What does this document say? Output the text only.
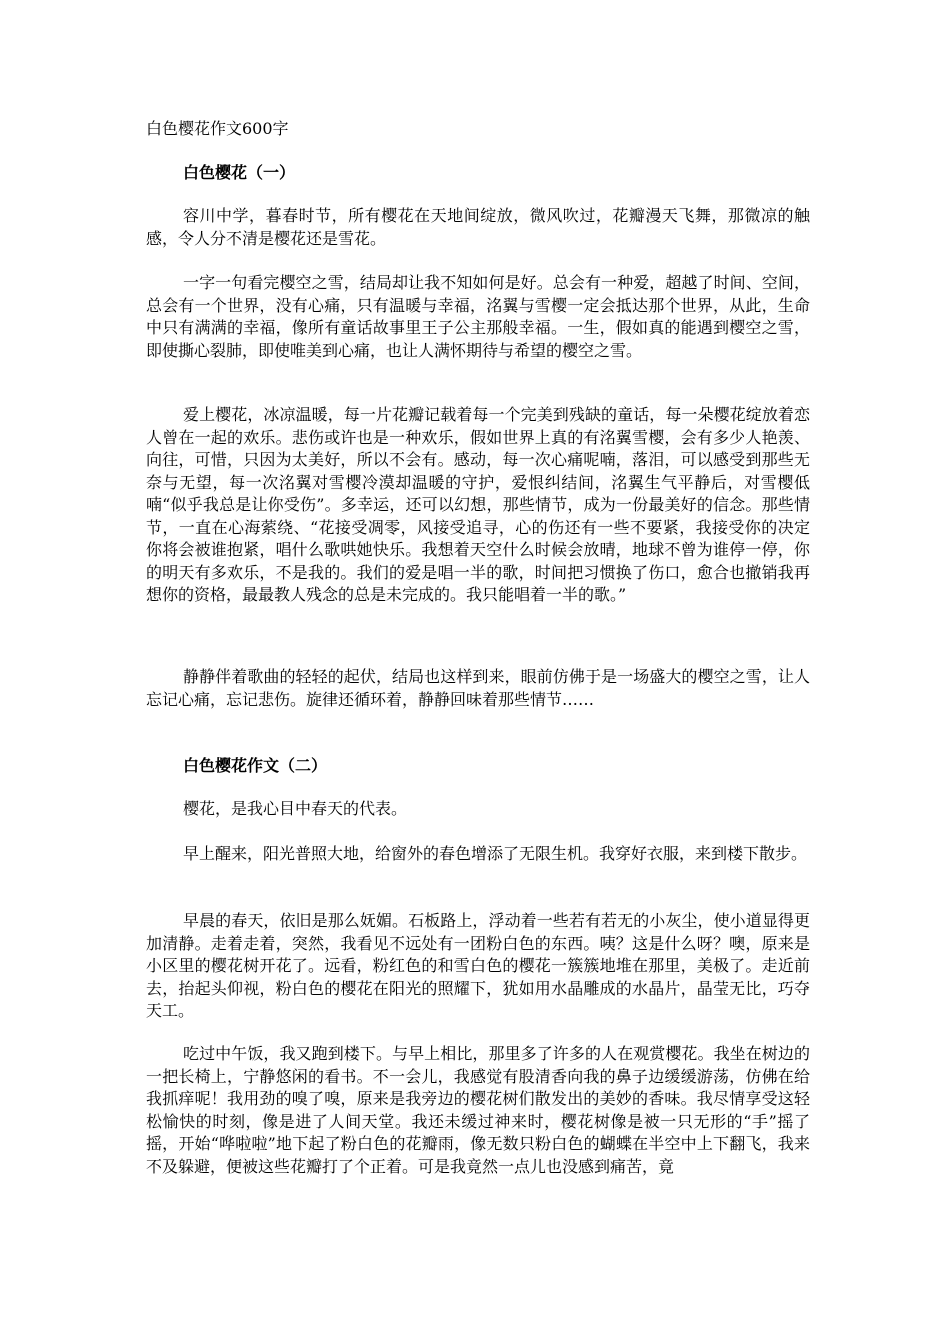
白色樱花作文600字
白色樱花（一）

容川中学，暮春时节，所有樱花在天地间绽放，微风吹过，花瓣漫天飞舞，那微凉的触感，令人分不清是樱花还是雪花。

一字一句看完樱空之雪，结局却让我不知如何是好。总会有一种爱，超越了时间、空间，总会有一个世界，没有心痛，只有温暖与幸福，洺翼与雪樱一定会抵达那个世界，从此，生命中只有满满的幸福，像所有童话故事里王子公主那般幸福。一生，假如真的能遇到樱空之雪，即使撕心裂肺，即使唯美到心痛，也让人满怀期待与希望的樱空之雪。

爱上樱花，冰凉温暖，每一片花瓣记载着每一个完美到残缺的童话，每一朵樱花绽放着恋人曾在一起的欢乐。悲伤或许也是一种欢乐，假如世界上真的有洺翼雪樱，会有多少人艳羡、向往，可惜，只因为太美好，所以不会有。感动，每一次心痛呢喃，落泪，可以感受到那些无奈与无望，每一次洺翼对雪樱冷漠却温暖的守护，爱恨纠结间，洺翼生气平静后，对雪樱低喃“似乎我总是让你受伤”。多幸运，还可以幻想，那些情节，成为一份最美好的信念。那些情节，一直在心海萦绕、“花接受凋零，风接受追寻，心的伤还有一些不要紧，我接受你的决定你将会被谁抱紧，唱什么歌哄她快乐。我想着天空什么时候会放晴，地球不曾为谁停一停，你的明天有多欢乐，不是我的。我们的爱是唱一半的歌，时间把习惯换了伤口，愈合也撤销我再想你的资格，最最教人残念的总是未完成的。我只能唱着一半的歌。”

静静伴着歌曲的轻轻的起伏，结局也这样到来，眼前仿佛于是一场盛大的樱空之雪，让人忘记心痛，忘记悲伤。旋律还循环着，静静回味着那些情节……

白色樱花作文（二）

樱花，是我心目中春天的代表。

早上醒来，阳光普照大地，给窗外的春色增添了无限生机。我穿好衣服，来到楼下散步。

早晨的春天，依旧是那么妩媚。石板路上，浮动着一些若有若无的小灰尘，使小道显得更加清静。走着走着，突然，我看见不远处有一团粉白色的东西。咦？这是什么呀？噢，原来是小区里的樱花树开花了。远看，粉红色的和雪白色的樱花一簇簇地堆在那里，美极了。走近前去，抬起头仰视，粉白色的樱花在阳光的照耀下，犹如用水晶雕成的水晶片，晶莹无比，巧夺天工。

吃过中午饭，我又跑到楼下。与早上相比，那里多了许多的人在观赏樱花。我坐在树边的一把长椅上，宁静悠闲的看书。不一会儿，我感觉有股清香向我的鼻子边缓缓游荡，仿佛在给我抓痒呢！我用劲的嗅了嗅，原来是我旁边的樱花树们散发出的美妙的香味。我尽情享受这轻松愉快的时刻，像是进了人间天堂。我还未缓过神来时，樱花树像是被一只无形的“手”摇了摇，开始“哗啦啦”地下起了粉白色的花瓣雨，像无数只粉白色的蝴蝶在半空中上下翻飞，我来不及躲避，便被这些花瓣打了个正着。可是我竟然一点儿也没感到痛苦，竟
